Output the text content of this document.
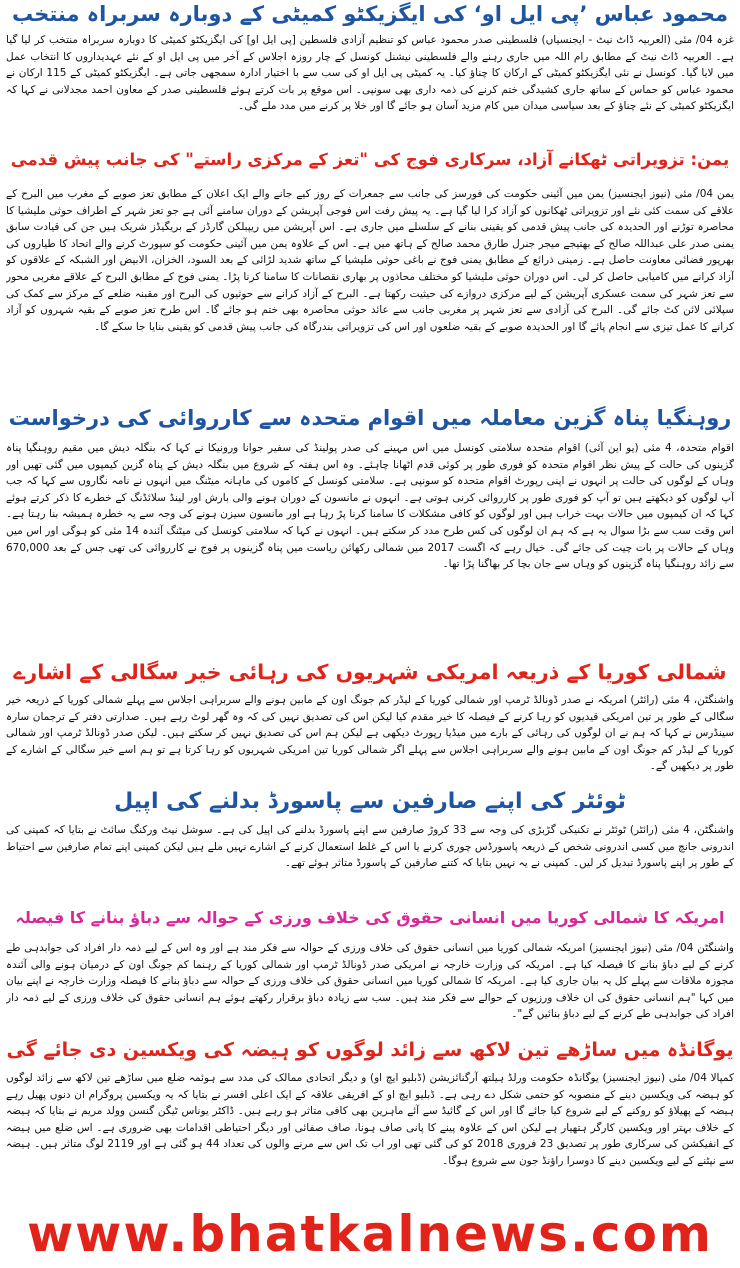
محمود عباس ’پی ایل او‘ کی ایگزیکٹو کمیٹی کے دوبارہ سربراہ منتخب

غزہ 04/ مئی (العربیہ ڈاٹ نیٹ - ایجنسیاں) فلسطینی صدر محمود عباس کو تنظیم آزادی فلسطین [پی ایل او] کی ایگزیکٹو کمیٹی کا دوبارہ سربراہ منتخب کر لیا گیا ہے۔ العربیہ ڈاٹ نیٹ کے مطابق رام اللہ میں جاری رہنے والے فلسطینی نیشنل کونسل کے چار روزہ اجلاس کے آخر میں پی ایل او کے نئے عہدیداروں کا انتخاب عمل میں لایا گیا۔ کونسل نے نئی ایگزیکٹو کمیٹی کے ارکان کا چناؤ کیا۔ یہ کمیٹی پی ایل او کی سب سے با اختیار ادارہ سمجھی جاتی ہے۔ ایگزیکٹو کمیٹی کے 115 ارکان نے محمود عباس کو حماس کے ساتھ جاری کشیدگی ختم کرنے کی ذمہ داری بھی سونپی۔ اس موقع پر بات کرتے ہوئے فلسطینی صدر کے معاون احمد مجدلانی نے کہا کہ ایگزیکٹو کمیٹی کے نئے چناؤ کے بعد سیاسی میدان میں کام مزید آسان ہو جائے گا اور خلا پر کرنے میں مدد ملے گی۔

یمن: تزویراتی ٹھکانے آزاد، سرکاری فوج کی "تعز کے مرکزی راستے" کی جانب پیش قدمی

یمن 04/ مئی (نیوز ایجنسیز) یمن میں آئینی حکومت کی فورسز کی جانب سے جمعرات کے روز کیے جانے والے ایک اعلان کے مطابق تعز صوبے کے مغرب میں البرح کے علاقے کی سمت کئی نئے اور تزویراتی ٹھکانوں کو آزاد کرا لیا گیا ہے۔ یہ پیش رفت اس فوجی آپریشن کے دوران سامنے آئی ہے جو تعز شہر کے اطراف حوثی ملیشیا کا محاصرہ توڑنے اور الحدیدہ کی جانب پیش قدمی کو یقینی بنانے کے سلسلے میں جاری ہے۔ اس آپریشن میں ریپبلکن گارڈز کے بریگیڈز شریک ہیں جن کی قیادت سابق یمنی صدر علی عبداللہ صالح کے بھتیجے میجر جنرل طارق محمد صالح کے ہاتھ میں ہے۔ اس کے علاوہ یمن میں آئینی حکومت کو سپورٹ کرنے والے اتحاد کا طیاروں کی بھرپور فضائی معاونت حاصل ہے۔ زمینی ذرائع کے مطابق یمنی فوج نے باغی حوثی ملیشیا کے ساتھ شدید لڑائی کے بعد السود، الخزان، الابیض اور الشبکہ کے علاقوں کو آزاد کرانے میں کامیابی حاصل کر لی۔ اس دوران حوثی ملیشیا کو مختلف محاذوں پر بھاری نقصانات کا سامنا کرنا پڑا۔ یمنی فوج کے مطابق البرح کے علاقے مغربی محور سے تعز شہر کی سمت عسکری آپریشن کے لیے مرکزی دروازے کی حیثیت رکھتا ہے۔ البرح کے آزاد کرانے سے حوثیوں کی البرح اور مقبنہ ضلعے کے مرکز سے کمک کی سپلائی لائن کٹ جائے گی۔ البرح کی آزادی سے تعز شہر پر مغربی جانب سے عائد حوثی محاصرہ بھی ختم ہو جائے گا۔ اس طرح تعز صوبے کے بقیہ شہروں کو آزاد کرانے کا عمل تیزی سے انجام پائے گا اور الحدیدہ صوبے کے بقیہ ضلعوں اور اس کی تزویراتی بندرگاہ کی جانب پیش قدمی کو یقینی بنایا جا سکے گا۔

روہنگیا پناہ گزین معاملہ میں اقوام متحدہ سے کارروائی کی درخواست

اقوام متحدہ، 4 مئی (یو این آئی) اقوام متحدہ سلامتی کونسل میں اس مہینے کی صدر پولینڈ کی سفیر جوانا ورونیکا نے کہا کہ بنگلہ دیش میں مقیم روہنگیا پناہ گزینوں کی حالت کے پیش نظر اقوام متحدہ کو فوری طور پر کوئی قدم اٹھانا چاہئے۔ وہ اس ہفتہ کے شروع میں بنگلہ دیش کے پناہ گزین کیمپوں میں گئی تھیں اور وہاں کے لوگوں کی حالت پر انہوں نے اپنی رپورٹ اقوام متحدہ کو سونپی ہے۔ سلامتی کونسل کے کاموں کی ماہانہ میٹنگ میں انہوں نے نامہ نگاروں سے کہا کہ جب آپ لوگوں کو دیکھتے ہیں تو آپ کو فوری طور پر کارروائی کرنی ہوتی ہے۔ انہوں نے مانسون کے دوران ہونے والی بارش اور لینڈ سلائڈنگ کے خطرے کا ذکر کرتے ہوئے کہا کہ ان کیمپوں میں حالات بہت خراب ہیں اور لوگوں کو کافی مشکلات کا سامنا کرنا پڑ رہا ہے اور مانسون سیزن ہونے کی وجہ سے یہ خطرہ ہمیشہ بنا رہتا ہے۔ اس وقت سب سے بڑا سوال یہ ہے کہ ہم ان لوگوں کی کس طرح مدد کر سکتے ہیں۔ انہوں نے کہا کہ سلامتی کونسل کی میٹنگ آئندہ 14 مئی کو ہوگی اور اس میں وہاں کے حالات پر بات چیت کی جائے گی۔ خیال رہے کہ اگست 2017 میں شمالی رکھائن ریاست میں پناہ گزینوں پر فوج نے کارروائی کی تھی جس کے بعد 670,000 سے زائد روہنگیا پناہ گزینوں کو وہاں سے جان بچا کر بھاگنا پڑا تھا۔

شمالی کوریا کے ذریعہ امریکی شہریوں کی رہائی خیر سگالی کے اشارے

واشنگٹن، 4 مئی (رائٹر) امریکہ نے صدر ڈونالڈ ٹرمپ اور شمالی کوریا کے لیڈر کم جونگ اون کے مابین ہونے والے سربراہی اجلاس سے پہلے شمالی کوریا کے ذریعہ خیر سگالی کے طور پر تین امریکی قیدیوں کو رہا کرنے کے فیصلہ کا خیر مقدم کیا لیکن اس کی تصدیق نہیں کی کہ وہ گھر لوٹ رہے ہیں۔ صدارتی دفتر کے ترجمان سارہ سینڈرس نے کہا کہ ہم نے ان لوگوں کی رہائی کے بارے میں میڈیا رپورٹ دیکھی ہے لیکن ہم اس کی تصدیق نہیں کر سکتے ہیں۔ لیکن صدر ڈونالڈ ٹرمپ اور شمالی کوریا کے لیڈر کم جونگ اون کے مابین ہونے والے سربراہی اجلاس سے پہلے اگر شمالی کوریا تین امریکی شہریوں کو رہا کرتا ہے تو ہم اسے خیر سگالی کے اشارے کے طور پر دیکھیں گے۔

ٹوئٹر کی اپنے صارفین سے پاسورڈ بدلنے کی اپیل

واشنگٹن، 4 مئی (رائٹر) ٹوئٹر نے تکنیکی گڑبڑی کی وجہ سے 33 کروڑ صارفین سے اپنے پاسورڈ بدلنے کی اپیل کی ہے۔ سوشل نیٹ ورکنگ سائٹ نے بتایا کہ کمپنی کی اندرونی جانچ میں کسی اندرونی شخص کے ذریعہ پاسورڈس چوری کرنے یا اس کے غلط استعمال کرنے کے اشارے نہیں ملے ہیں لیکن کمپنی اپنے تمام صارفین سے احتیاط کے طور پر اپنے پاسورڈ تبدیل کر لیں۔ کمپنی نے یہ نہیں بتایا کہ کتنے صارفین کے پاسورڈ متاثر ہوئے تھے۔

امریکہ کا شمالی کوریا میں انسانی حقوق کی خلاف ورزی کے حوالہ سے دباؤ بنانے کا فیصلہ

واشنگٹن 04/ مئی (نیوز ایجنسیز) امریکہ شمالی کوریا میں انسانی حقوق کی خلاف ورزی کے حوالہ سے فکر مند ہے اور وہ اس کے لیے ذمہ دار افراد کی جوابدہی طے کرنے کے لیے دباؤ بنانے کا فیصلہ کیا ہے۔ امریکہ کی وزارت خارجہ نے امریکی صدر ڈونالڈ ٹرمپ اور شمالی کوریا کے رہنما کم جونگ اون کے درمیان ہونے والی آئندہ مجوزہ ملاقات سے پہلے کل یہ بیان جاری کیا ہے۔ امریکہ کا شمالی کوریا میں انسانی حقوق کی خلاف ورزی کے حوالہ سے دباؤ بنانے کا فیصلہ وزارت خارجہ نے اپنے بیان میں کہا "ہم انسانی حقوق کی ان خلاف ورزیوں کے حوالے سے فکر مند ہیں۔ سب سے زیادہ دباؤ برقرار رکھتے ہوئے ہم انسانی حقوق کی خلاف ورزی کے لیے ذمہ دار افراد کی جوابدہی طے کرنے کے لیے دباؤ بنائیں گے"۔

یوگانڈہ میں ساڑھے تین لاکھ سے زائد لوگوں کو ہیضہ کی ویکسین دی جائے گی

کمپالا 04/ مئی (نیوز ایجنسیز) یوگانڈہ حکومت ورلڈ ہیلتھ آرگنائزیشن (ڈبلیو ایچ او) و دیگر اتحادی ممالک کی مدد سے ہوئمہ ضلع میں ساڑھے تین لاکھ سے زائد لوگوں کو ہیضہ کی ویکسین دینے کے منصوبہ کو حتمی شکل دے رہی ہے۔ ڈبلیو ایچ او کے افریقی علاقہ کے ایک اعلی افسر نے بتایا کہ یہ ویکسین پروگرام ان دنوں پھیل رہے ہیضہ کے پھیلاؤ کو روکنے کے لیے شروع کیا جائے گا اور اس کے گائیڈ سے آئے ماہرین بھی کافی متاثر ہو رہے ہیں۔ ڈاکٹر یوناس ٹیگن گنسن وولد مریم نے بتایا کہ ہیضہ کے خلاف بہتر اور ویکسین کارگر ہتھیار ہے لیکن اس کے علاوہ پینے کا پانی صاف ہونا، صاف صفائی اور دیگر احتیاطی اقدامات بھی ضروری ہے۔ اس ضلع میں ہیضہ کے انفیکشن کی سرکاری طور پر تصدیق 23 فروری 2018 کو کی گئی تھی اور اب تک اس سے مرنے والوں کی تعداد 44 ہو گئی ہے اور 2119 لوگ متاثر ہیں۔ ہیضہ سے نپٹنے کے لیے ویکسین دینے کا دوسرا راؤنڈ جون سے شروع ہوگا۔

www.bhatkalnews.com
